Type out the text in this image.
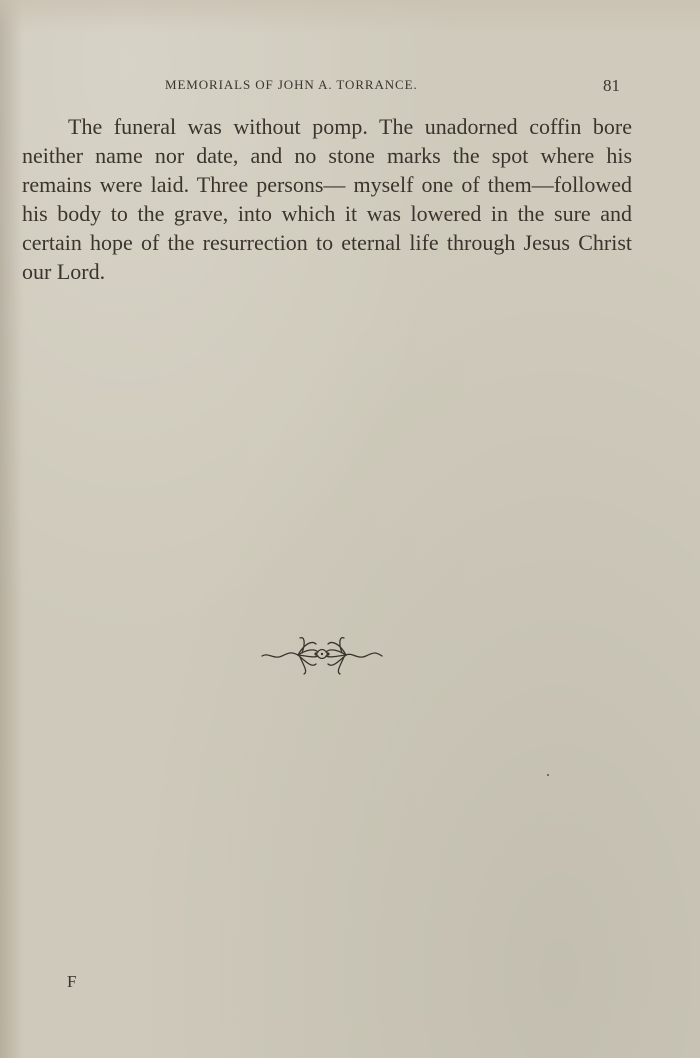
MEMORIALS OF JOHN A. TORRANCE.	81

The funeral was without pomp. The unadorned coffin bore neither name nor date, and no stone marks the spot where his remains were laid. Three persons— myself one of them—followed his body to the grave, into which it was lowered in the sure and certain hope of the resurrection to eternal life through Jesus Christ our Lord.

F
